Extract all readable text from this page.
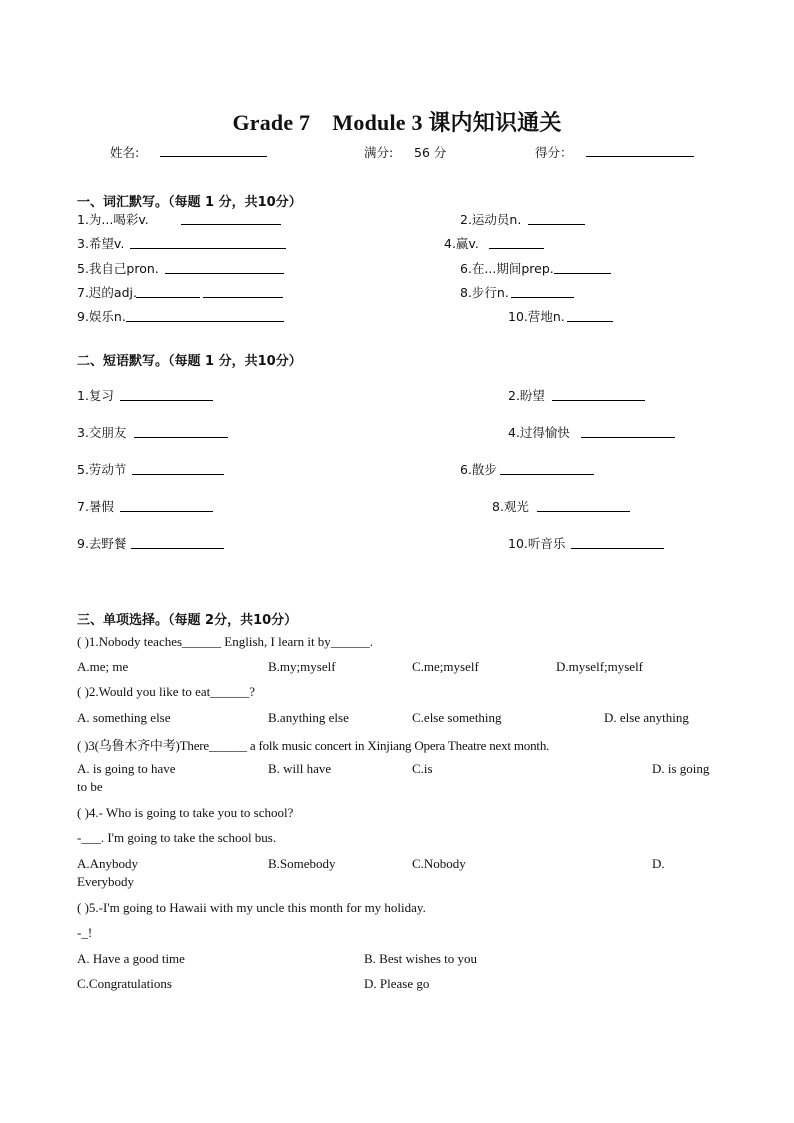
Grade 7　Module 3 课内知识通关
姓名:	满分: 56 分	得分：
一、词汇默写。（每题 1 分，共10分）
1.为...喝彩v.	2.运动员n.
3.希望v.	4.赢v.
5.我自己pron.	6.在...期间prep.
7.迟的adj.	8.步行n.
9.娱乐n.	10.营地n.
二、短语默写。（每题 1 分，共10分）
1.复习	2.盼望
3.交朋友	4.过得愉快
5.劳动节	6.散步
7.暑假	8.观光
9.去野餐	10.听音乐
三、单项选择。（每题 2分，共10分）
( )1.Nobody teaches______ English, I learn it by______.
A.me; me	B.my;myself	C.me;myself	D.myself;myself
( )2.Would you like to eat______?
A. something else	B.anything else	C.else something	D. else anything
( )3(乌鲁木齐中考)There______ a folk music concert in Xinjiang Opera Theatre next month.
A. is going to have	B. will have	C.is	D. is going
to be
( )4.- Who is going to take you to school?
-___. I'm going to take the school bus.
A.Anybody	B.Somebody	C.Nobody	D.
Everybody
( )5.-I'm going to Hawaii with my uncle this month for my holiday.
-_!
A. Have a good time	B. Best wishes to you
C.Congratulations	D. Please go
